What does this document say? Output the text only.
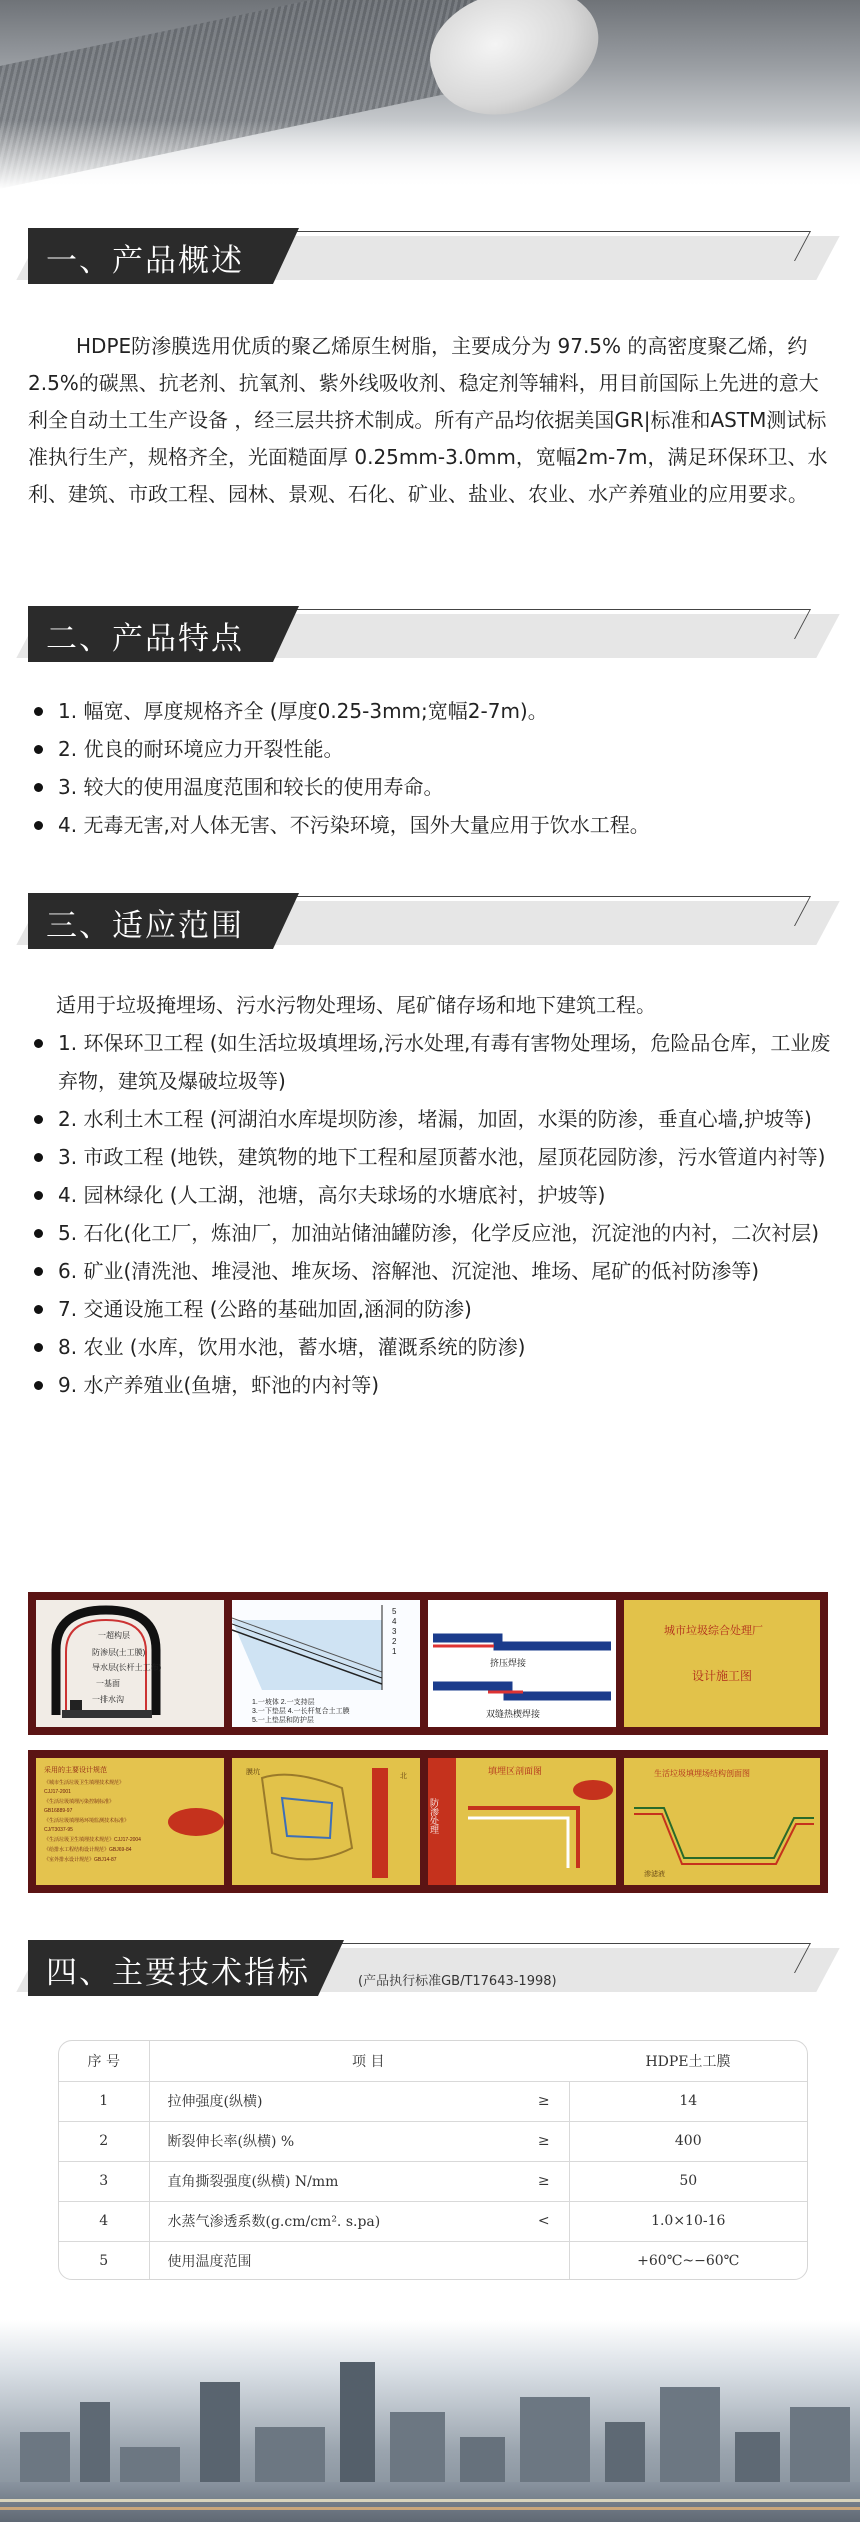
一、产品概述

HDPE防渗膜选用优质的聚乙烯原生树脂，主要成分为 97.5% 的高密度聚乙烯，约2.5%的碳黑、抗老剂、抗氧剂、紫外线吸收剂、稳定剂等辅料，用目前国际上先进的意大利全自动土工生产设备 ，经三层共挤术制成。所有产品均依据美国GR|标准和ASTM测试标准执行生产，规格齐全，光面糙面厚 0.25mm-3.0mm，宽幅2m-7m，满足环保环卫、水利、建筑、市政工程、园林、景观、石化、矿业、盐业、农业、水产养殖业的应用要求。

二、产品特点
1. 幅宽、厚度规格齐全 (厚度0.25-3mm;宽幅2-7m)。
2. 优良的耐环境应力开裂性能。
3. 较大的使用温度范围和较长的使用寿命。
4. 无毒无害,对人体无害、不污染环境，国外大量应用于饮水工程。
三、适应范围
适用于垃圾掩埋场、污水污物处理场、尾矿储存场和地下建筑工程。
1. 环保环卫工程 (如生活垃圾填埋场,污水处理,有毒有害物处理场，危险品仓库，工业废弃物，建筑及爆破垃圾等)
2. 水利土木工程 (河湖泊水库堤坝防渗，堵漏，加固，水渠的防渗，垂直心墙,护坡等)
3. 市政工程 (地铁，建筑物的地下工程和屋顶蓄水池，屋顶花园防渗，污水管道内衬等)
4. 园林绿化 (人工湖，池塘，高尔夫球场的水塘底衬，护坡等)
5. 石化(化工厂，炼油厂，加油站储油罐防渗，化学反应池，沉淀池的内衬，二次衬层)
6. 矿业(清洗池、堆浸池、堆灰场、溶解池、沉淀池、堆场、尾矿的低衬防渗等)
7. 交通设施工程 (公路的基础加固,涵洞的防渗)
8. 农业 (水库，饮用水池，蓄水塘，灌溉系统的防渗)
9. 水产养殖业(鱼塘，虾池的内衬等)
一超构层
防渗层(土工膜)
导水层(长杆土工布)
一基面
一排水沟
5
4
3
2
1
1.一坡体 2.一支持层
3.一下垫层 4.一长杆复合土工膜
5.一上垫层和防护层
挤压焊接
双缝热楔焊接
城市垃圾综合处理厂
设计施工图
采用的主要设计规范
《城市生活垃圾卫生填埋技术规范》
CJJ17-2001
《生活垃圾填埋污染控制标准》
GB16889-97
《生活垃圾填埋场环境监测技术标准》
CJ/T3037-95
《生活垃圾卫生填埋技术规范》CJJ17-2004
《给排水工程结构设计规范》GBJ69-84
《室外排水设计规范》GBJ14-87
膜坑
北
防渗处理
填埋区剖面图	生活垃圾填埋场结构剖面图
渗滤液
四、主要技术指标	(产品执行标准GB/T17643-1998)
序 号	项 目		HDPE土工膜
1	拉伸强度(纵横)	≥	14
2	断裂伸长率(纵横) %	≥	400
3	直角撕裂强度(纵横) N/mm	≥	50
4	水蒸气渗透系数(g.cm/cm². s.pa)	<	1.0×10-16
5	使用温度范围		+60℃~−60℃
